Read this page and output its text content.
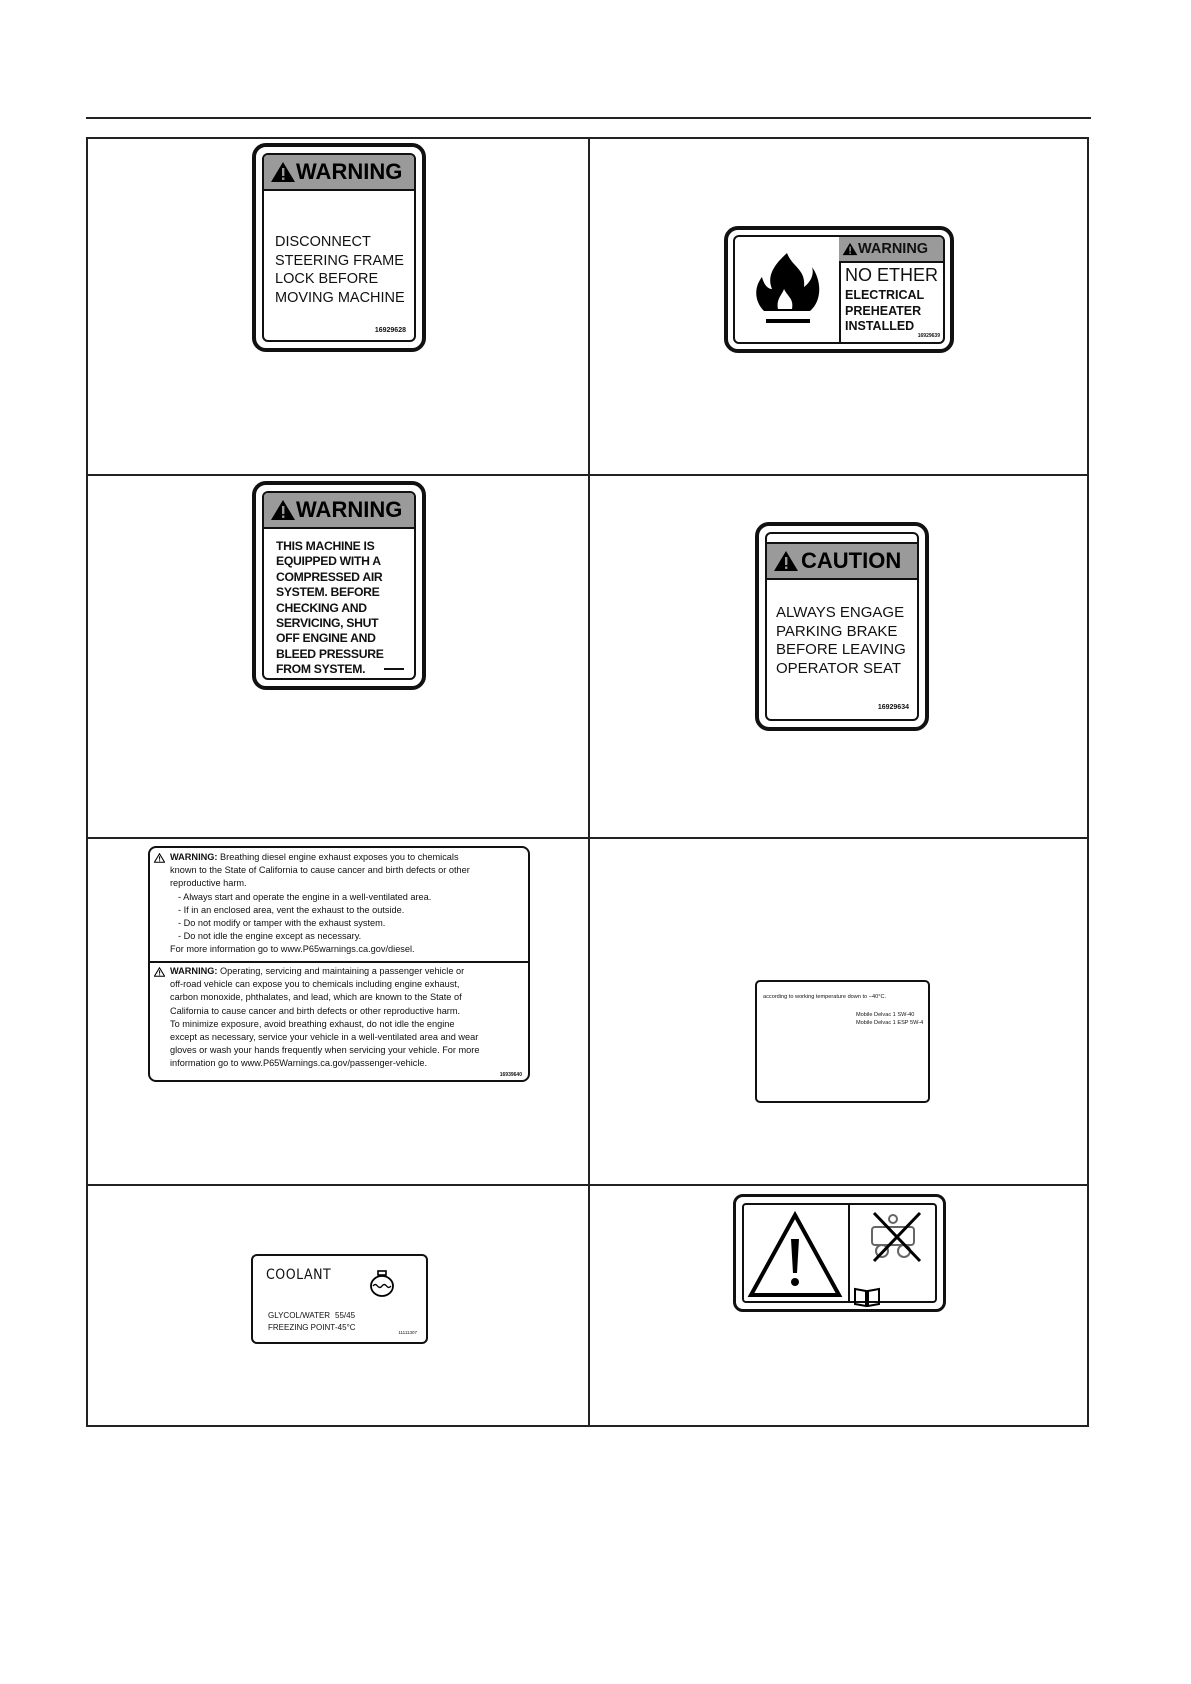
WARNING
DISCONNECT
STEERING FRAME
LOCK BEFORE
MOVING MACHINE
16929628
WARNING
NO ETHER
ELECTRICAL
PREHEATER
INSTALLED
16929639
WARNING
THIS MACHINE IS
EQUIPPED WITH A
COMPRESSED AIR
SYSTEM. BEFORE
CHECKING AND
SERVICING, SHUT
OFF ENGINE AND
BLEED PRESSURE
FROM SYSTEM.
CAUTION
ALWAYS ENGAGE
PARKING BRAKE
BEFORE LEAVING
OPERATOR SEAT
16929634
WARNING: Breathing diesel engine exhaust exposes you to chemicals
known to the State of California to cause cancer and birth defects or other
reproductive harm.
- Always start and operate the engine in a well-ventilated area.
- If in an enclosed area, vent the exhaust to the outside.
- Do not modify or tamper with the exhaust system.
- Do not idle the engine except as necessary.
For more information go to www.P65warnings.ca.gov/diesel.
WARNING: Operating, servicing and maintaining a passenger vehicle or
off-road vehicle can expose you to chemicals including engine exhaust,
carbon monoxide, phthalates, and lead, which are known to the State of
California to cause cancer and birth defects or other reproductive harm.
To minimize exposure, avoid breathing exhaust, do not idle the engine
except as necessary, service your vehicle in a well-ventilated area and wear
gloves or wash your hands frequently when servicing your vehicle. For more
information go to www.P65Warnings.ca.gov/passenger-vehicle.
16939640
according to working temperature down to −40°C.
Mobile Delvac 1 SW-40
Mobile Delvac 1 ESP 5W-4
COOLANT
GLYCOL/WATER
FREEZING POINT
55/45
-45°C
11111307
